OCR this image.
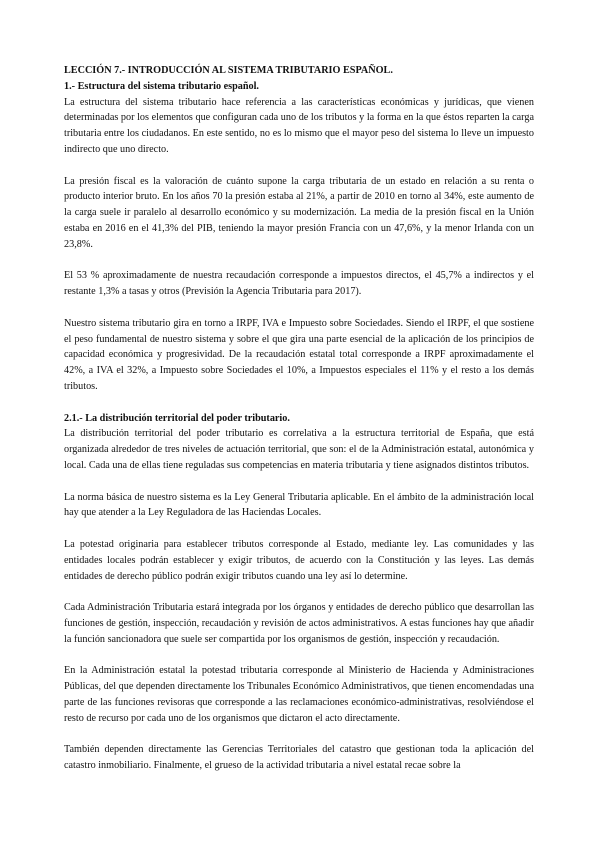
LECCIÓN 7.- INTRODUCCIÓN AL SISTEMA TRIBUTARIO ESPAÑOL.

1.- Estructura del sistema tributario español.

La estructura del sistema tributario hace referencia a las características económicas y jurídicas, que vienen determinadas por los elementos que configuran cada uno de los tributos y la forma en la que éstos reparten la carga tributaria entre los ciudadanos. En este sentido, no es lo mismo que el mayor peso del sistema lo lleve un impuesto indirecto que uno directo.

La presión fiscal es la valoración de cuánto supone la carga tributaria de un estado en relación a su renta o producto interior bruto. En los años 70 la presión estaba al 21%, a partir de 2010 en torno al 34%, este aumento de la carga suele ir paralelo al desarrollo económico y su modernización. La media de la presión fiscal en la Unión estaba en 2016 en el 41,3% del PIB, teniendo la mayor presión Francia con un 47,6%, y la menor Irlanda con un 23,8%.

El 53 % aproximadamente de nuestra recaudación corresponde a impuestos directos, el 45,7% a indirectos y el restante 1,3% a tasas y otros (Previsión la Agencia Tributaria para 2017).

Nuestro sistema tributario gira en torno a IRPF, IVA e Impuesto sobre Sociedades. Siendo el IRPF, el que sostiene el peso fundamental de nuestro sistema y sobre el que gira una parte esencial de la aplicación de los principios de capacidad económica y progresividad. De la recaudación estatal total corresponde a IRPF aproximadamente el 42%, a IVA el 32%, a Impuesto sobre Sociedades el 10%, a Impuestos especiales el 11% y el resto a los demás tributos.

2.1.- La distribución territorial del poder tributario.

La distribución territorial del poder tributario es correlativa a la estructura territorial de España, que está organizada alrededor de tres niveles de actuación territorial, que son: el de la Administración estatal, autonómica y local. Cada una de ellas tiene reguladas sus competencias en materia tributaria y tiene asignados distintos tributos.

La norma básica de nuestro sistema es la Ley General Tributaria aplicable. En el ámbito de la administración local hay que atender a la Ley Reguladora de las Haciendas Locales.

La potestad originaria para establecer tributos corresponde al Estado, mediante ley. Las comunidades y las entidades locales podrán establecer y exigir tributos, de acuerdo con la Constitución y las leyes. Las demás entidades de derecho público podrán exigir tributos cuando una ley así lo determine.

Cada Administración Tributaria estará integrada por los órganos y entidades de derecho público que desarrollan las funciones de gestión, inspección, recaudación y revisión de actos administrativos. A estas funciones hay que añadir la función sancionadora que suele ser compartida por los organismos de gestión, inspección y recaudación.

En la Administración estatal la potestad tributaria corresponde al Ministerio de Hacienda y Administraciones Públicas, del que dependen directamente los Tribunales Económico Administrativos, que tienen encomendadas una parte de las funciones revisoras que corresponde a las reclamaciones económico-administrativas, resolviéndose el resto de recurso por cada uno de los organismos que dictaron el acto directamente.

También dependen directamente las Gerencias Territoriales del catastro que gestionan toda la aplicación del catastro inmobiliario. Finalmente, el grueso de la actividad tributaria a nivel estatal recae sobre la
